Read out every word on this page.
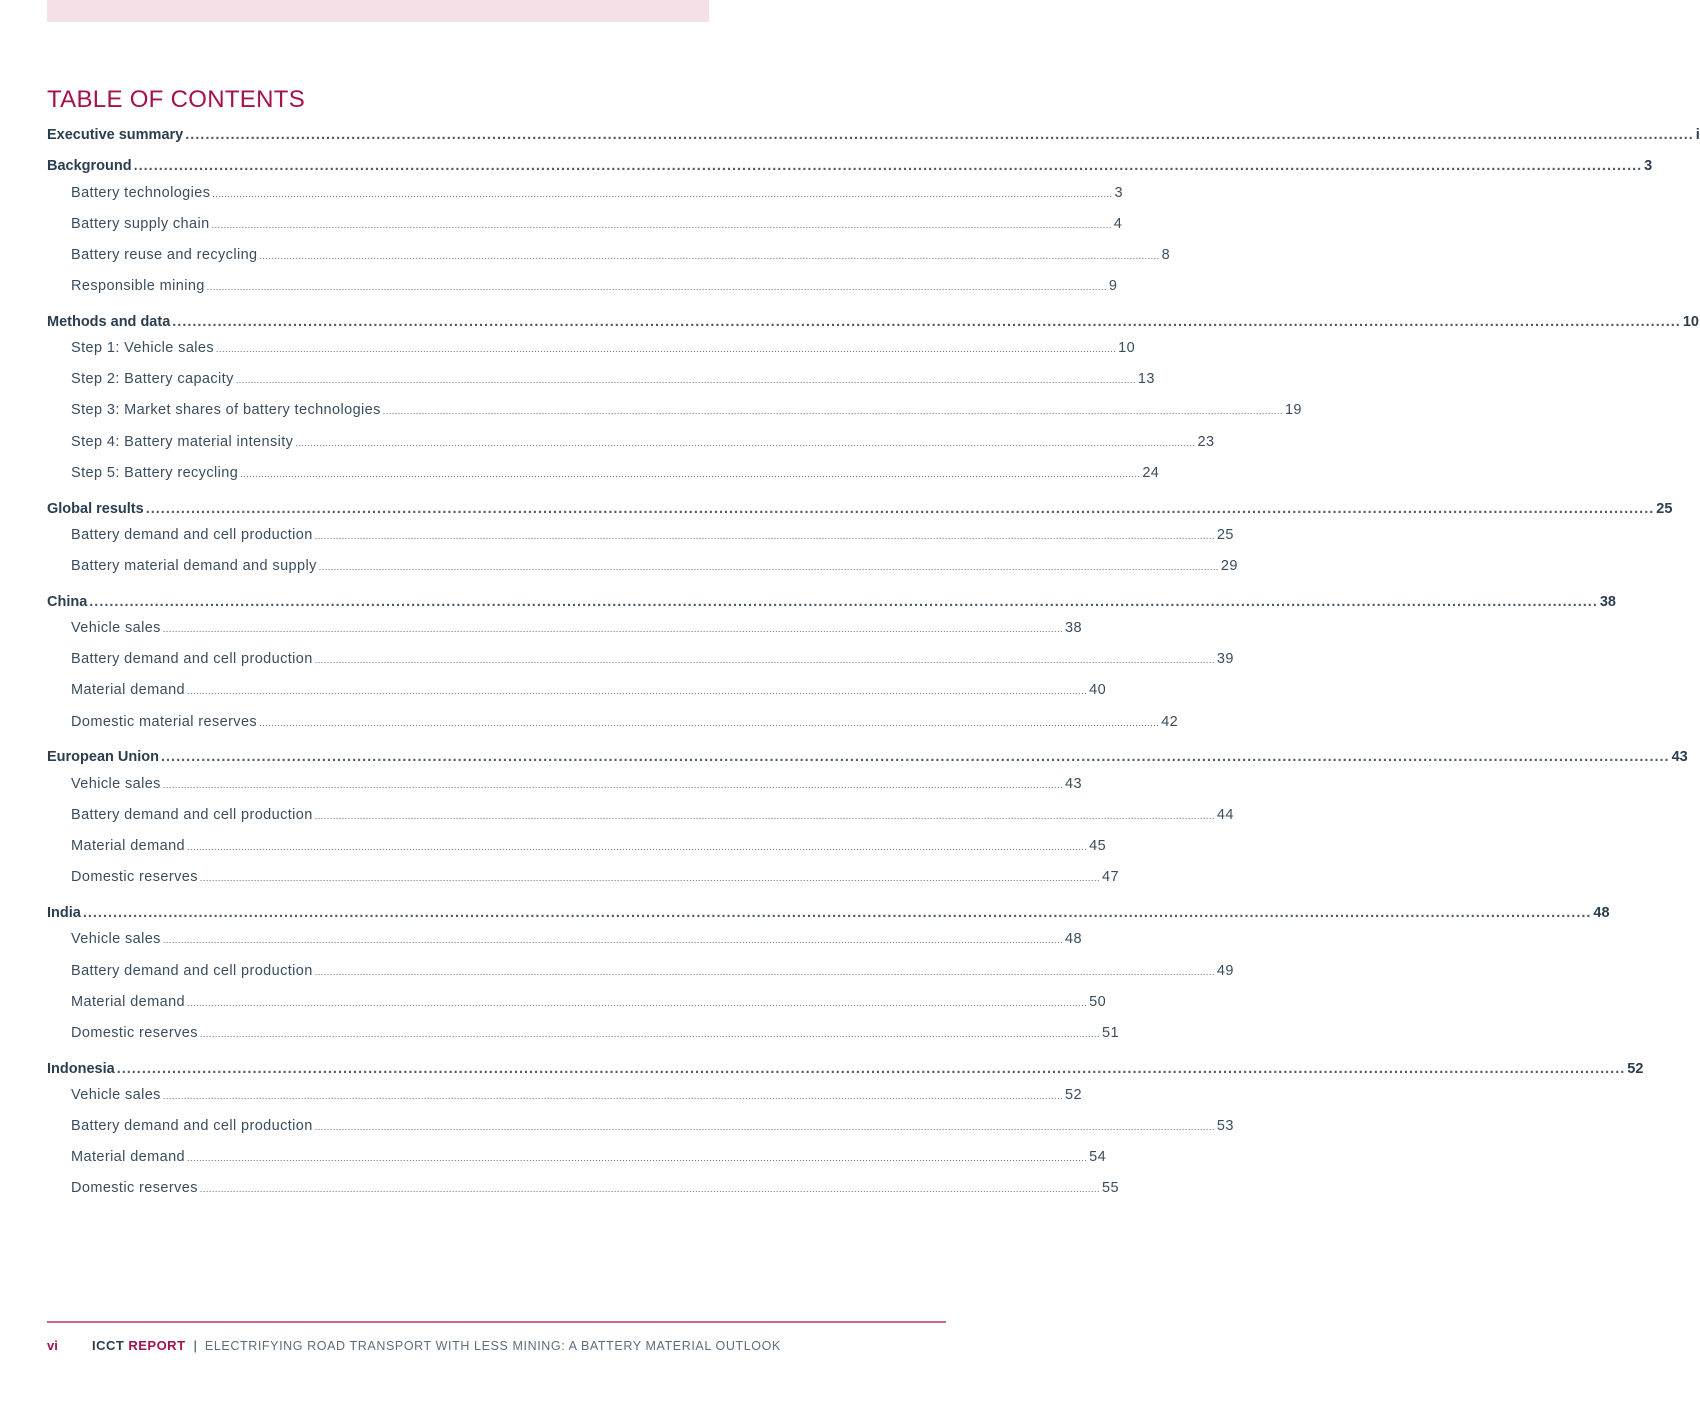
TABLE OF CONTENTS
Executive summary ............................................................................................................................................................................................................................................................................................................ i
Background ............................................................................................................................................................................................................................................................................................................ 3
Battery technologies ............................................................................................................................................................................................................................................................................................................ 3
Battery supply chain ............................................................................................................................................................................................................................................................................................................ 4
Battery reuse and recycling ............................................................................................................................................................................................................................................................................................................ 8
Responsible mining ............................................................................................................................................................................................................................................................................................................ 9
Methods and data ............................................................................................................................................................................................................................................................................................................ 10
Step 1: Vehicle sales ............................................................................................................................................................................................................................................................................................................ 10
Step 2: Battery capacity ............................................................................................................................................................................................................................................................................................................ 13
Step 3: Market shares of battery technologies ............................................................................................................................................................................................................................................................................................................ 19
Step 4: Battery material intensity ............................................................................................................................................................................................................................................................................................................ 23
Step 5: Battery recycling ............................................................................................................................................................................................................................................................................................................ 24
Global results ............................................................................................................................................................................................................................................................................................................ 25
Battery demand and cell production ............................................................................................................................................................................................................................................................................................................ 25
Battery material demand and supply ............................................................................................................................................................................................................................................................................................................ 29
China ............................................................................................................................................................................................................................................................................................................ 38
Vehicle sales ............................................................................................................................................................................................................................................................................................................ 38
Battery demand and cell production ............................................................................................................................................................................................................................................................................................................ 39
Material demand ............................................................................................................................................................................................................................................................................................................ 40
Domestic material reserves ............................................................................................................................................................................................................................................................................................................ 42
European Union ............................................................................................................................................................................................................................................................................................................ 43
Vehicle sales ............................................................................................................................................................................................................................................................................................................ 43
Battery demand and cell production ............................................................................................................................................................................................................................................................................................................ 44
Material demand ............................................................................................................................................................................................................................................................................................................ 45
Domestic reserves ............................................................................................................................................................................................................................................................................................................ 47
India ............................................................................................................................................................................................................................................................................................................ 48
Vehicle sales ............................................................................................................................................................................................................................................................................................................ 48
Battery demand and cell production ............................................................................................................................................................................................................................................................................................................ 49
Material demand ............................................................................................................................................................................................................................................................................................................ 50
Domestic reserves ............................................................................................................................................................................................................................................................................................................ 51
Indonesia ............................................................................................................................................................................................................................................................................................................ 52
Vehicle sales ............................................................................................................................................................................................................................................................................................................ 52
Battery demand and cell production ............................................................................................................................................................................................................................................................................................................ 53
Material demand ............................................................................................................................................................................................................................................................................................................ 54
Domestic reserves ............................................................................................................................................................................................................................................................................................................ 55
vi	ICCT REPORT | ELECTRIFYING ROAD TRANSPORT WITH LESS MINING: A BATTERY MATERIAL OUTLOOK
